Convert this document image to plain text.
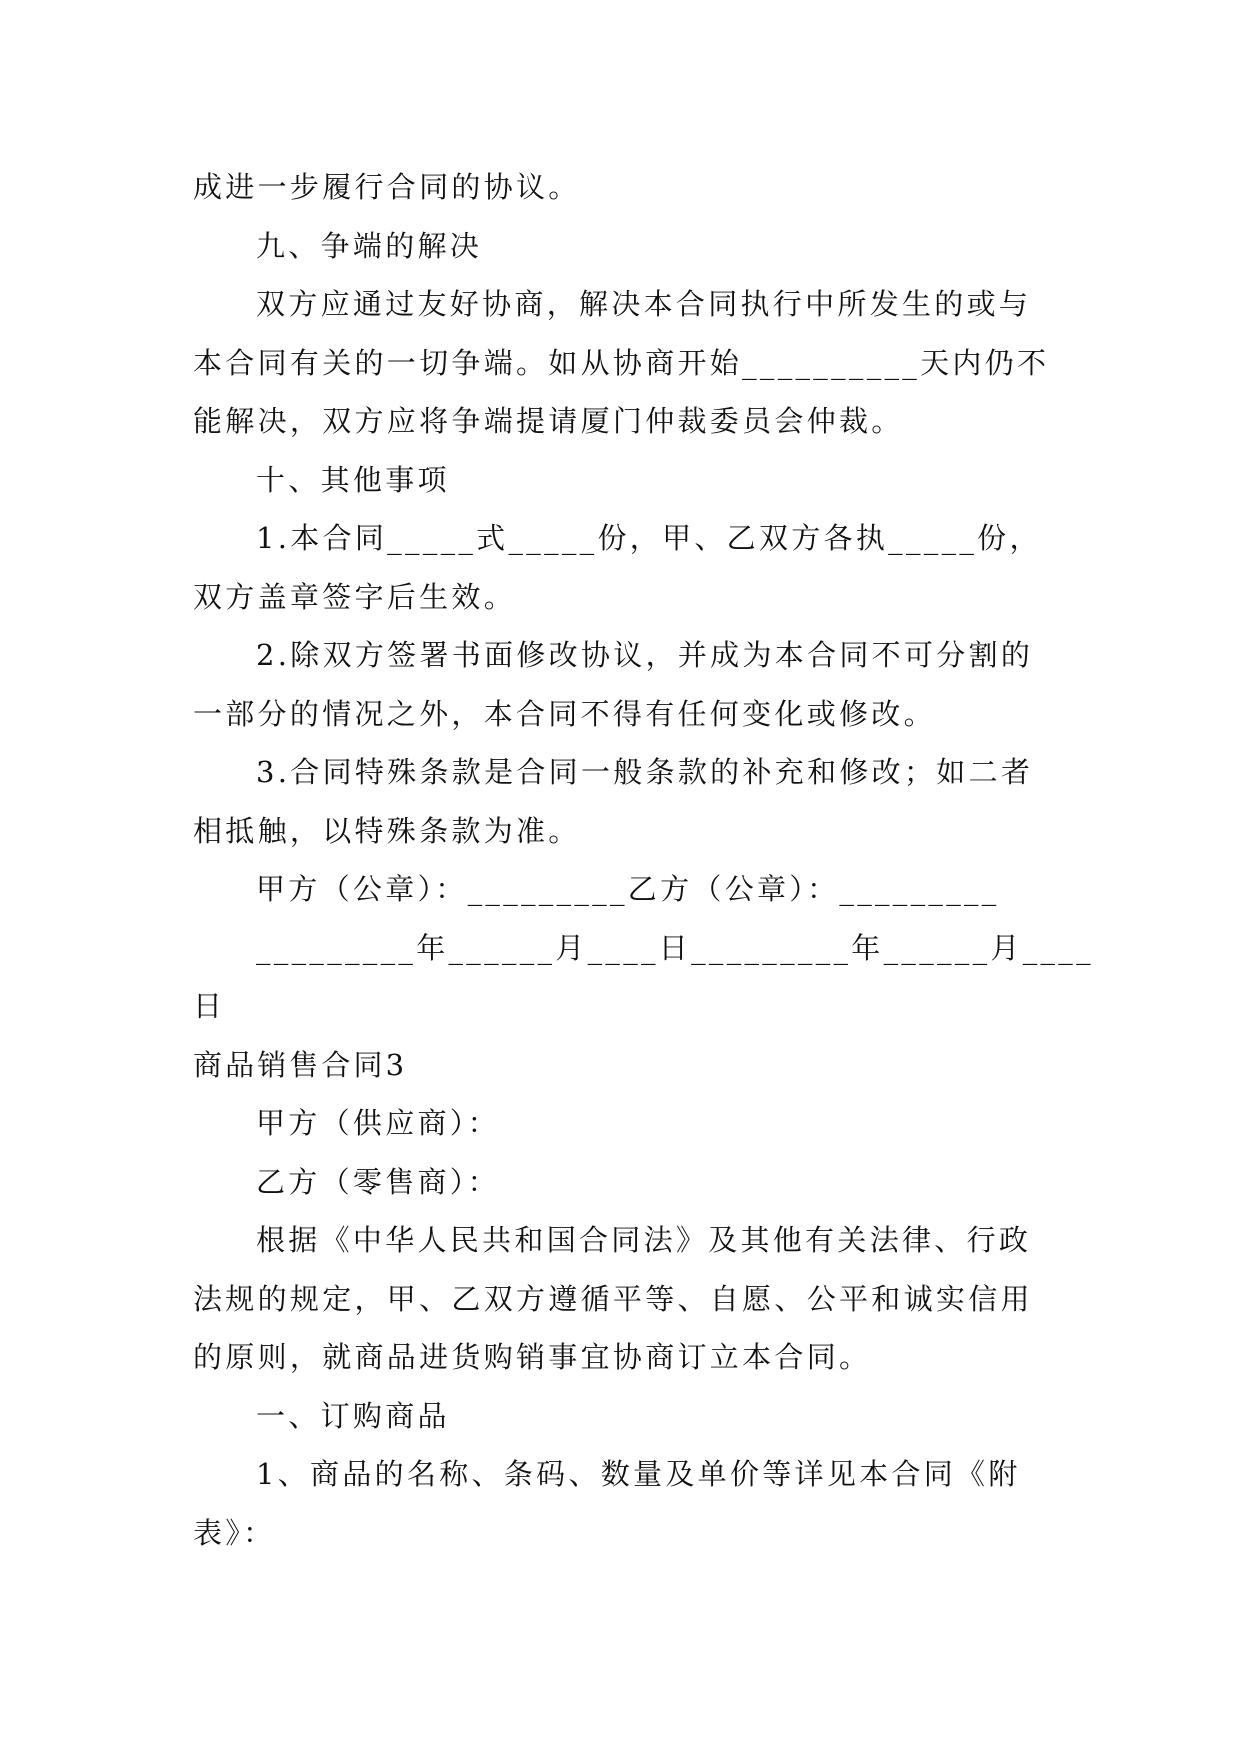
成进一步履行合同的协议。
九、争端的解决
双方应通过友好协商，解决本合同执行中所发生的或与
本合同有关的一切争端。如从协商开始__________天内仍不
能解决，双方应将争端提请厦门仲裁委员会仲裁。
十、其他事项
1.本合同_____式_____份，甲、乙双方各执_____份，
双方盖章签字后生效。
2.除双方签署书面修改协议，并成为本合同不可分割的
一部分的情况之外，本合同不得有任何变化或修改。
3.合同特殊条款是合同一般条款的补充和修改；如二者
相抵触，以特殊条款为准。
甲方（公章）：_________乙方（公章）：_________
_________年______月____日_________年______月____
日
商品销售合同3
甲方（供应商）：
乙方（零售商）：
根据《中华人民共和国合同法》及其他有关法律、行政
法规的规定，甲、乙双方遵循平等、自愿、公平和诚实信用
的原则，就商品进货购销事宜协商订立本合同。
一、订购商品
1、商品的名称、条码、数量及单价等详见本合同《附
表》：
